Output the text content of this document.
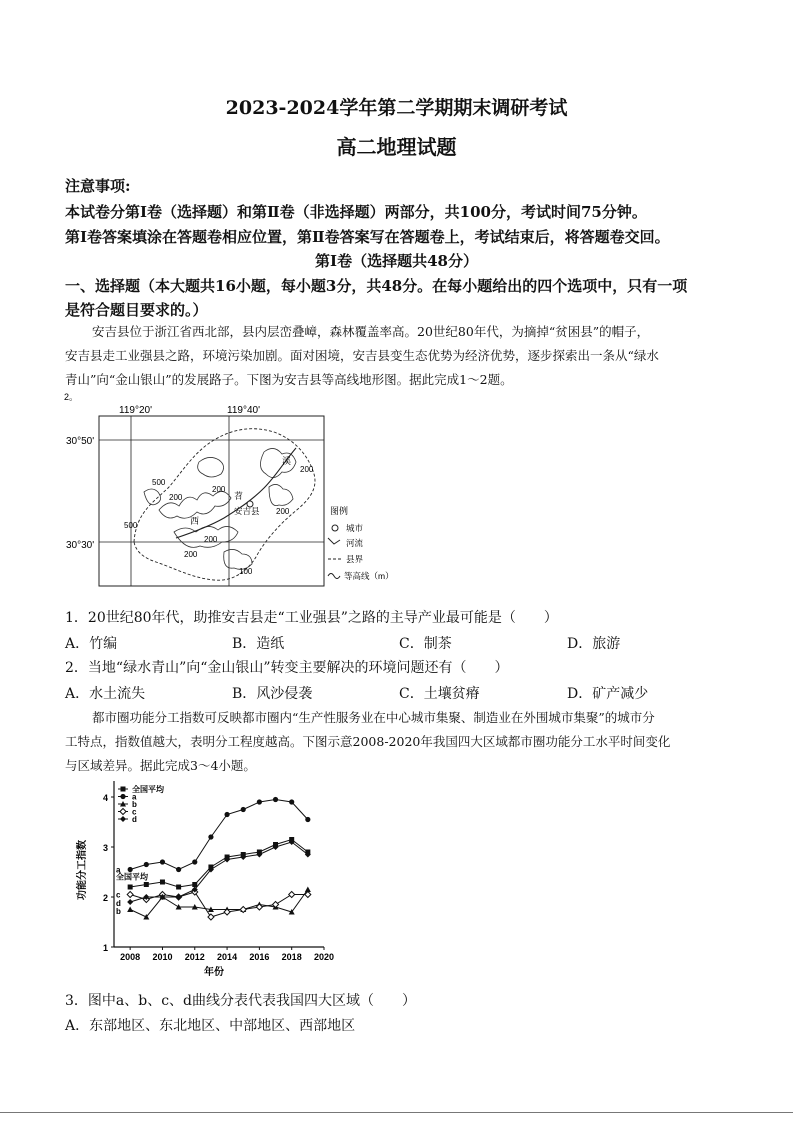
2023-2024学年第二学期期末调研考试
高二地理试题
注意事项:
本试卷分第Ⅰ卷（选择题）和第Ⅱ卷（非选择题）两部分，共100分，考试时间75分钟。
第Ⅰ卷答案填涂在答题卷相应位置，第Ⅱ卷答案写在答题卷上，考试结束后，将答题卷交回。
第Ⅰ卷（选择题共48分）
一、选择题（本大题共16小题，每小题3分，共48分。在每小题给出的四个选项中，只有一项
是符合题目要求的。）
安吉县位于浙江省西北部，县内层峦叠嶂，森林覆盖率高。20世纪80年代，为摘掉“贫困县”的帽子，
安吉县走工业强县之路，环境污染加剧。面对困境，安吉县变生态优势为经济优势，逐步探索出一条从“绿水
青山”向“金山银山”的发展路子。下图为安吉县等高线地形图。据此完成1～2题。
2。
119°20'	119°40'
30°50'
30°30'
500
200
200
200
200
200
100
500
200
溪
苕
西
安吉县	图例
城市
河流
县界
等高线（m）
1．20世纪80年代，助推安吉县走“工业强县”之路的主导产业最可能是（　　）
A．竹编	B．造纸	C．制茶	D．旅游
2．当地“绿水青山”向“金山银山”转变主要解决的环境问题还有（　　）
A．水土流失	B．风沙侵袭	C．土壤贫瘠	D．矿产减少
都市圈功能分工指数可反映都市圈内“生产性服务业在中心城市集聚、制造业在外围城市集聚”的城市分
工特点，指数值越大，表明分工程度越高。下图示意2008-2020年我国四大区域都市圈功能分工水平时间变化
与区域差异。据此完成3～4小题。
1
2
3
4
2008 2010 2012 2014 2016 2018 2020
全国平均
a
b
c
d
a
全国平均
c
d
b
功能分工指数
年份
3．图中a、b、c、d曲线分表代表我国四大区域（　　）
A．东部地区、东北地区、中部地区、西部地区
